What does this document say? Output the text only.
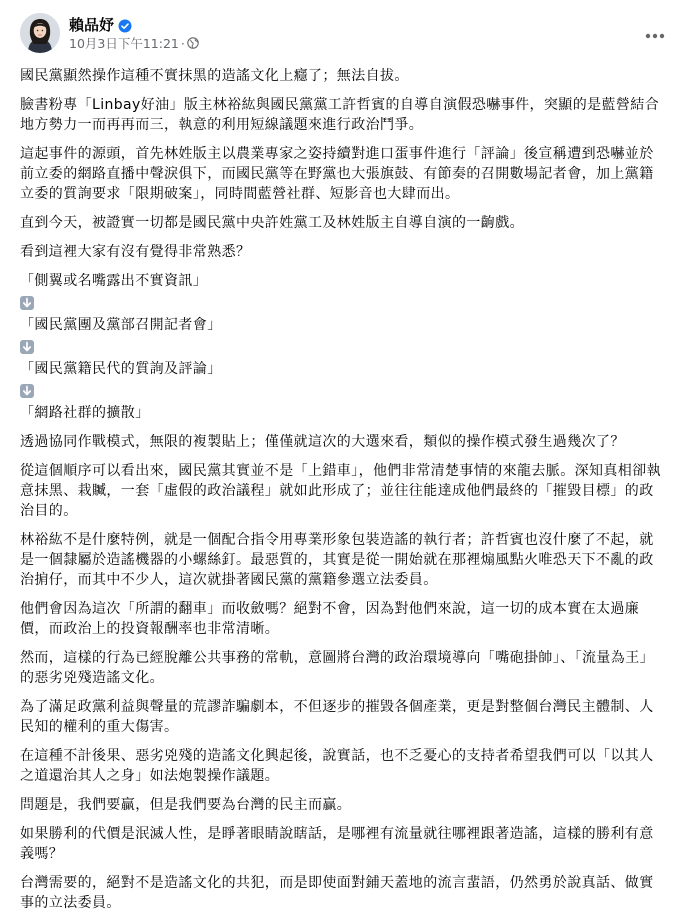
賴品妤
10月3日下午11:21 ·

國民黨顯然操作這種不實抹黑的造謠文化上癮了；無法自拔。

臉書粉專「Linbay好油」版主林裕紘與國民黨黨工許哲賓的自導自演假恐嚇事件，突顯的是藍營結合地方勢力一而再再而三，執意的利用短線議題來進行政治鬥爭。

這起事件的源頭，首先林姓版主以農業專家之姿持續對進口蛋事件進行「評論」後宣稱遭到恐嚇並於前立委的網路直播中聲淚俱下，而國民黨等在野黨也大張旗鼓、有節奏的召開數場記者會，加上黨籍立委的質詢要求「限期破案」，同時間藍營社群、短影音也大肆而出。

直到今天，被證實一切都是國民黨中央許姓黨工及林姓版主自導自演的一齣戲。

看到這裡大家有沒有覺得非常熟悉？

「側翼或名嘴露出不實資訊」

「國民黨團及黨部召開記者會」

「國民黨籍民代的質詢及評論」

「網路社群的擴散」

透過協同作戰模式，無限的複製貼上；僅僅就這次的大選來看，類似的操作模式發生過幾次了？

從這個順序可以看出來，國民黨其實並不是「上錯車」，他們非常清楚事情的來龍去脈。深知真相卻執意抹黑、栽贓，一套「虛假的政治議程」就如此形成了；並往往能達成他們最終的「摧毀目標」的政治目的。

林裕紘不是什麼特例，就是一個配合指令用專業形象包裝造謠的執行者；許哲賓也沒什麼了不起，就是一個隸屬於造謠機器的小螺絲釘。最惡質的，其實是從一開始就在那裡煽風點火唯恐天下不亂的政治掮仔，而其中不少人，這次就掛著國民黨的黨籍參選立法委員。

他們會因為這次「所謂的翻車」而收斂嗎？絕對不會，因為對他們來說，這一切的成本實在太過廉價，而政治上的投資報酬率也非常清晰。

然而，這樣的行為已經脫離公共事務的常軌，意圖將台灣的政治環境導向「嘴砲掛帥」、「流量為王」的惡劣兇殘造謠文化。

為了滿足政黨利益與聲量的荒謬詐騙劇本，不但逐步的摧毀各個產業，更是對整個台灣民主體制、人民知的權利的重大傷害。

在這種不計後果、惡劣兇殘的造謠文化興起後，說實話，也不乏憂心的支持者希望我們可以「以其人之道還治其人之身」如法炮製操作議題。

問題是，我們要贏，但是我們要為台灣的民主而贏。

如果勝利的代價是泯滅人性，是睜著眼睛說瞎話，是哪裡有流量就往哪裡跟著造謠，這樣的勝利有意義嗎？

台灣需要的，絕對不是造謠文化的共犯，而是即使面對鋪天蓋地的流言蜚語，仍然勇於說真話、做實事的立法委員。
